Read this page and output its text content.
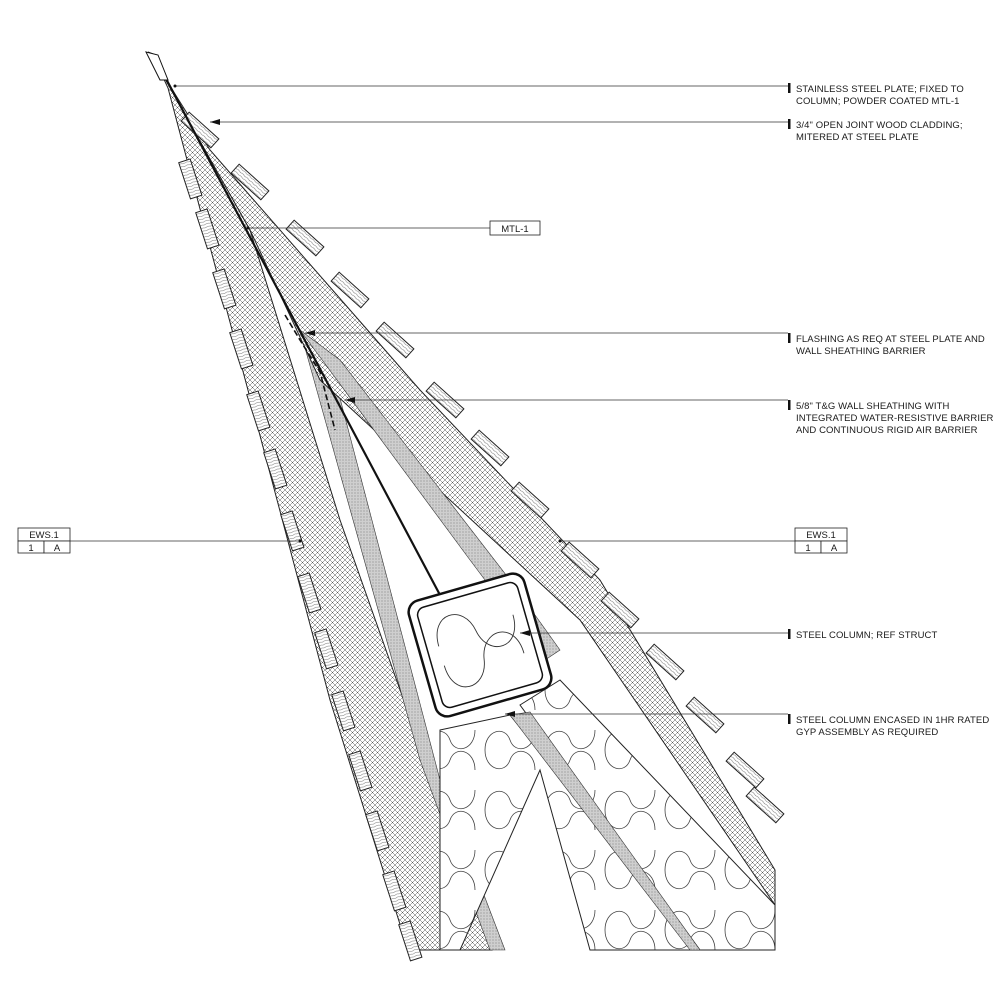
STAINLESS STEEL PLATE; FIXED TO
COLUMN; POWDER COATED MTL-1
3/4" OPEN JOINT WOOD CLADDING;
MITERED AT STEEL PLATE
FLASHING AS REQ AT STEEL PLATE AND
WALL SHEATHING BARRIER
5/8" T&G WALL SHEATHING WITH
INTEGRATED WATER-RESISTIVE BARRIER
AND CONTINUOUS RIGID AIR BARRIER
STEEL COLUMN; REF STRUCT
STEEL COLUMN ENCASED IN 1HR RATED
GYP ASSEMBLY AS REQUIRED
MTL-1
EWS.1
1 A
EWS.1
1 A
